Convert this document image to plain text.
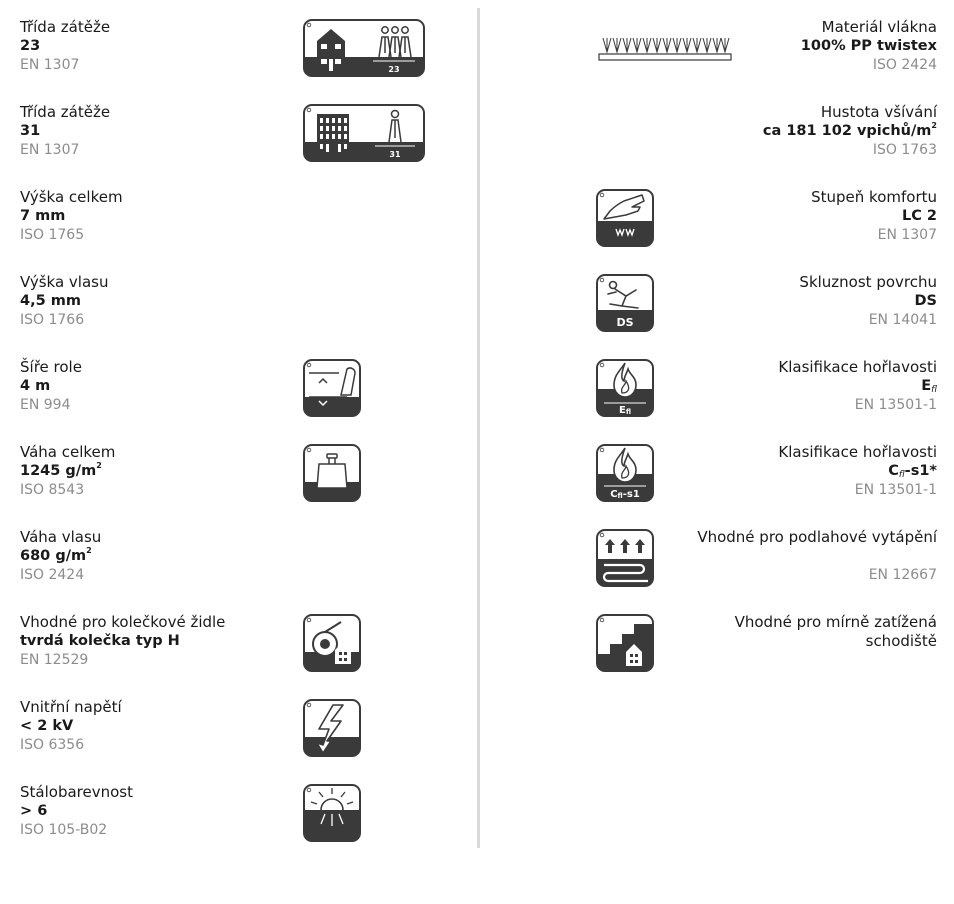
Třída zátěže
23
EN 1307	23
Třída zátěže
31
EN 1307	31
Výška celkem
7 mm
ISO 1765
Výška vlasu
4,5 mm
ISO 1766
Šíře role
4 m
EN 994
Váha celkem
1245 $g/m^2$
ISO 8543
Váha vlasu
680 $g/m^2$
ISO 2424
Vhodné pro kolečkové židle
tvrdá kolečka typ H
EN 12529
Vnitřní napětí
< 2 kV
ISO 6356
Stálobarevnost
> 6
ISO 105-B02
Materiál vlákna
100% PP twistex
ISO 2424
Hustota všívání
ca 181 102 vpichů/$m^2$
ISO 1763
Stupeň komfortu
LC 2
EN 1307
Skluznost povrchu
DS
EN 14041
DS
Klasifikace hořlavosti
$E_{fl}$
EN 13501-1
Efl
Klasifikace hořlavosti
$C_{fl}-s1*$
EN 13501-1
Cfl-s1
Vhodné pro podlahové vytápění
EN 12667
Vhodné pro mírně zatížená schodiště
